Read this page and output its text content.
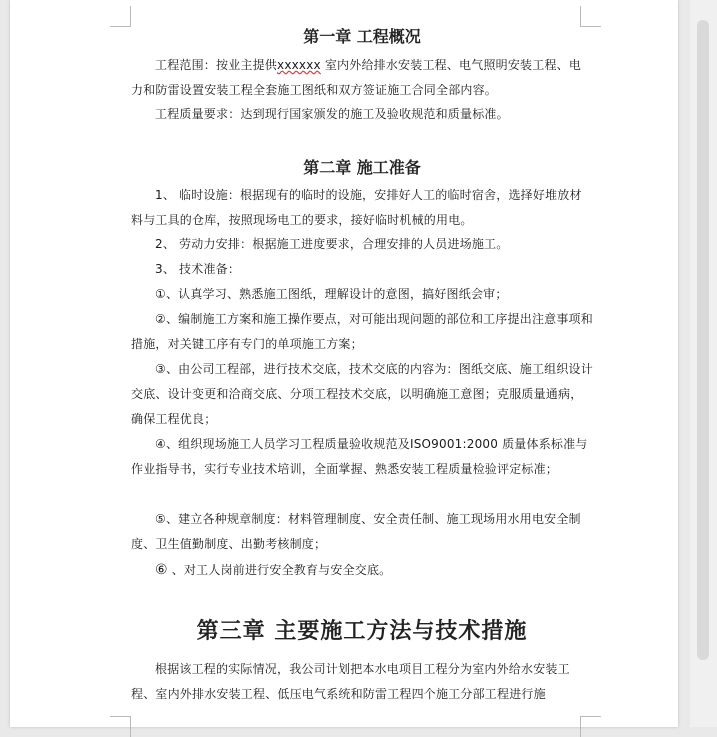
第一章 工程概况

工程范围：按业主提供xxxxxx 室内外给排水安装工程、电气照明安装工程、电力和防雷设置安装工程全套施工图纸和双方签证施工合同全部内容。

工程质量要求：达到现行国家颁发的施工及验收规范和质量标准。

第二章 施工准备

1、 临时设施：根据现有的临时的设施，安排好人工的临时宿舍，选择好堆放材料与工具的仓库，按照现场电工的要求，接好临时机械的用电。

2、 劳动力安排：根据施工进度要求，合理安排的人员进场施工。

3、 技术准备：

①、认真学习、熟悉施工图纸，理解设计的意图，搞好图纸会审；

②、编制施工方案和施工操作要点，对可能出现问题的部位和工序提出注意事项和措施，对关键工序有专门的单项施工方案；

③、由公司工程部，进行技术交底，技术交底的内容为：图纸交底、施工组织设计交底、设计变更和洽商交底、分项工程技术交底，以明确施工意图；克服质量通病，确保工程优良；

④、组织现场施工人员学习工程质量验收规范及ISO9001:2000 质量体系标准与作业指导书，实行专业技术培训，全面掌握、熟悉安装工程质量检验评定标准；

⑤、建立各种规章制度：材料管理制度、安全责任制、施工现场用水用电安全制度、卫生值勤制度、出勤考核制度；

⑥ 、对工人岗前进行安全教育与安全交底。

第三章 主要施工方法与技术措施

根据该工程的实际情况，我公司计划把本水电项目工程分为室内外给水安装工程、室内外排水安装工程、低压电气系统和防雷工程四个施工分部工程进行施
